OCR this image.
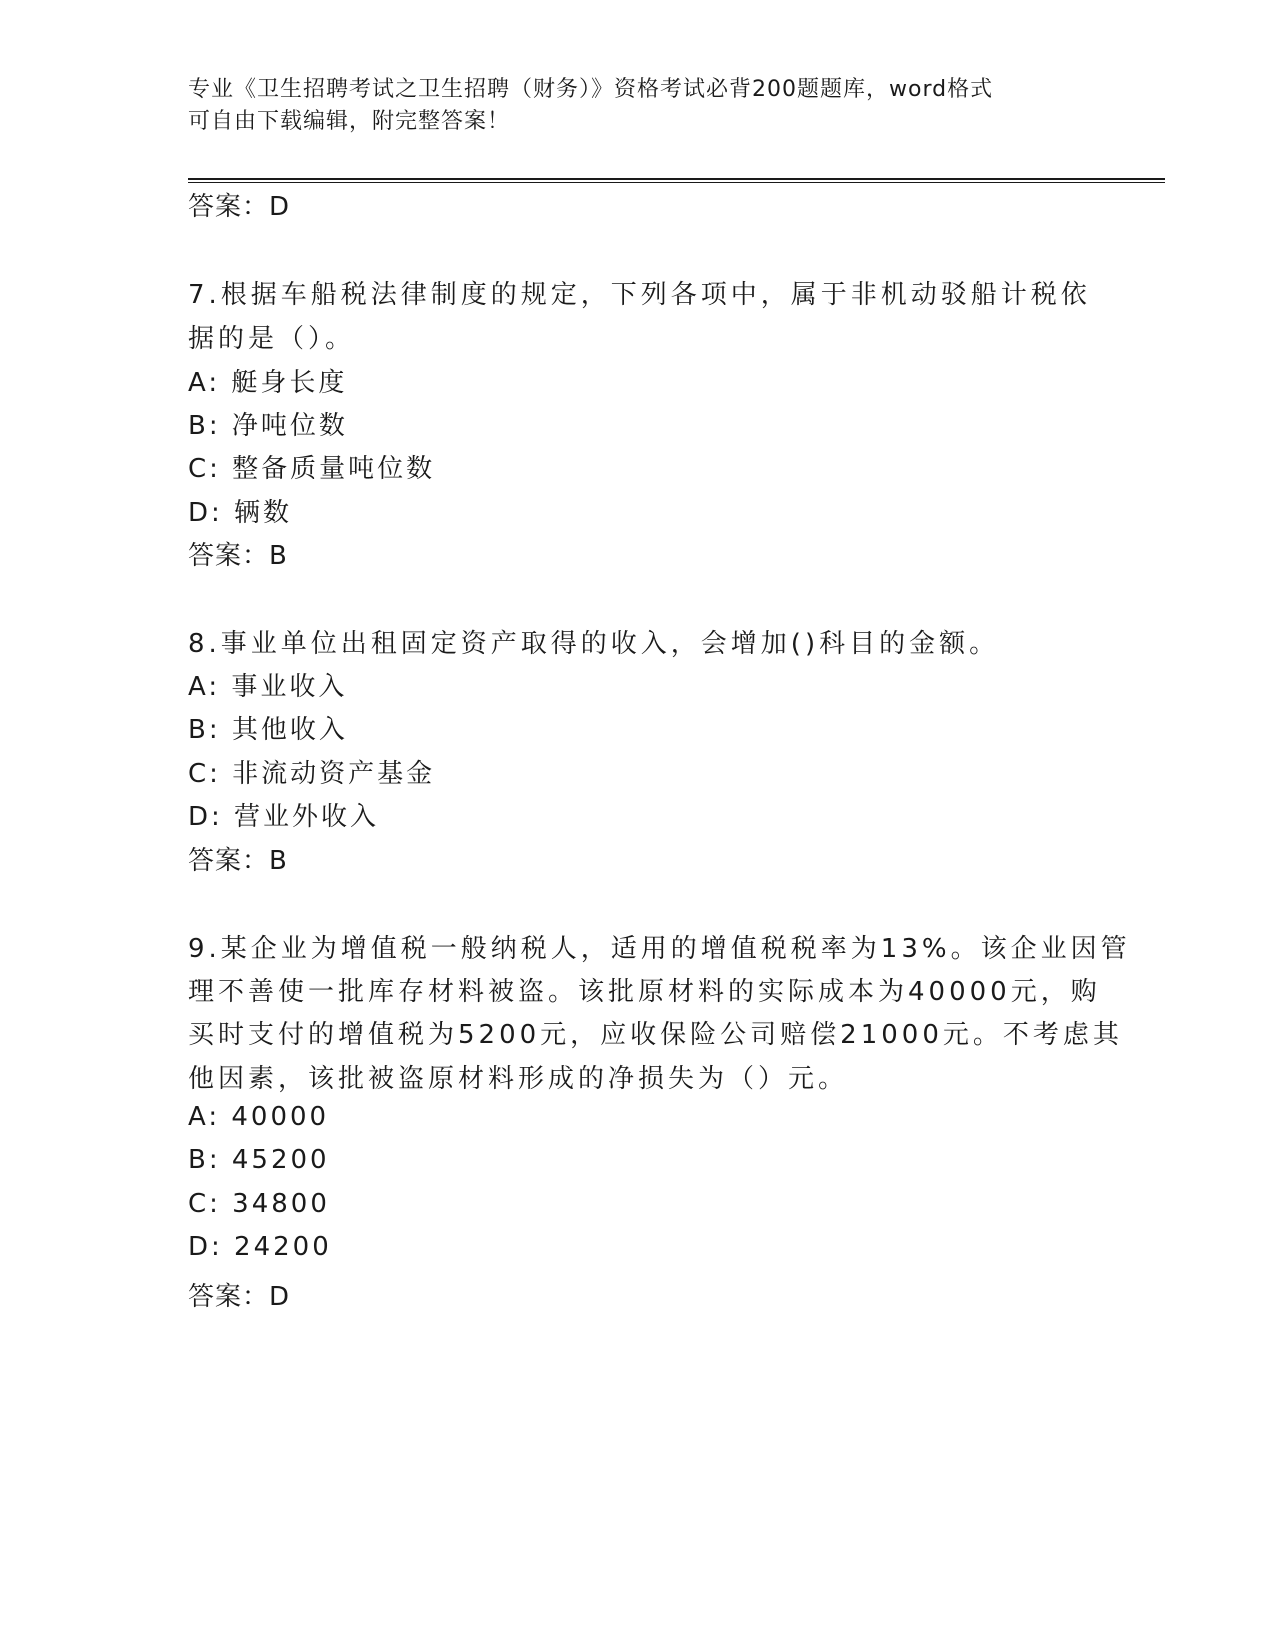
专业《卫生招聘考试之卫生招聘（财务）》资格考试必背200题题库，word格式
可自由下载编辑，附完整答案！
答案：D
7.根据车船税法律制度的规定，下列各项中，属于非机动驳船计税依
据的是（）。
A: 艇身长度
B: 净吨位数
C: 整备质量吨位数
D: 辆数
答案：B
8.事业单位出租固定资产取得的收入，会增加()科目的金额。
A: 事业收入
B: 其他收入
C: 非流动资产基金
D: 营业外收入
答案：B
9.某企业为增值税一般纳税人，适用的增值税税率为13%。该企业因管
理不善使一批库存材料被盗。该批原材料的实际成本为40000元，购
买时支付的增值税为5200元，应收保险公司赔偿21000元。不考虑其
他因素，该批被盗原材料形成的净损失为（）元。
A: 40000
B: 45200
C: 34800
D: 24200
答案：D
